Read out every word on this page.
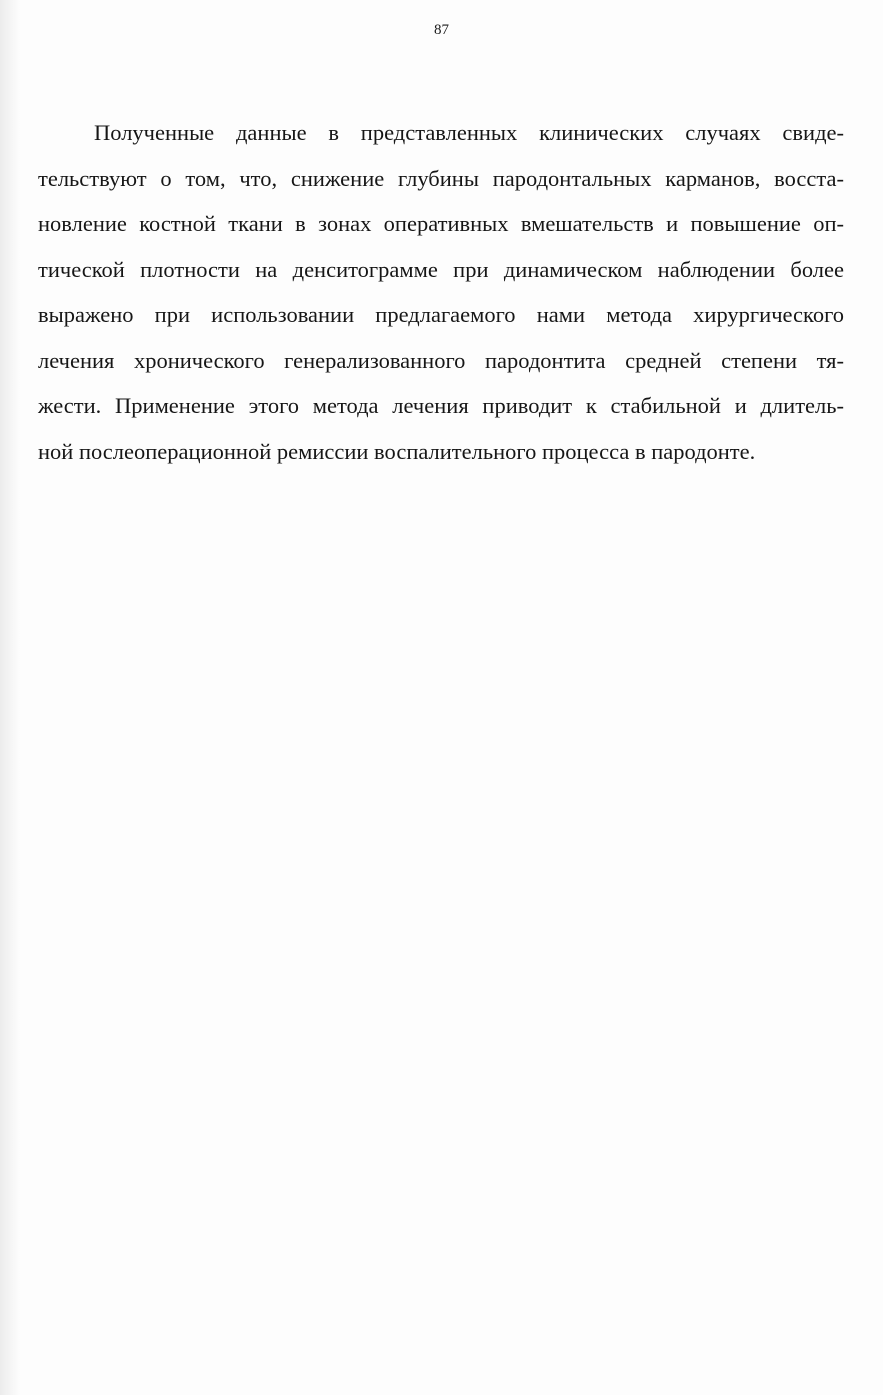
87

Полученные данные в представленных клинических случаях свиде-
тельствуют о том, что, снижение глубины пародонтальных карманов, восста-
новление костной ткани в зонах оперативных вмешательств и повышение оп-
тической плотности на денситограмме при динамическом наблюдении более
выражено при использовании предлагаемого нами метода хирургического
лечения хронического генерализованного пародонтита средней степени тя-
жести. Применение этого метода лечения приводит к стабильной и длитель-
ной послеоперационной ремиссии воспалительного процесса в пародонте.
